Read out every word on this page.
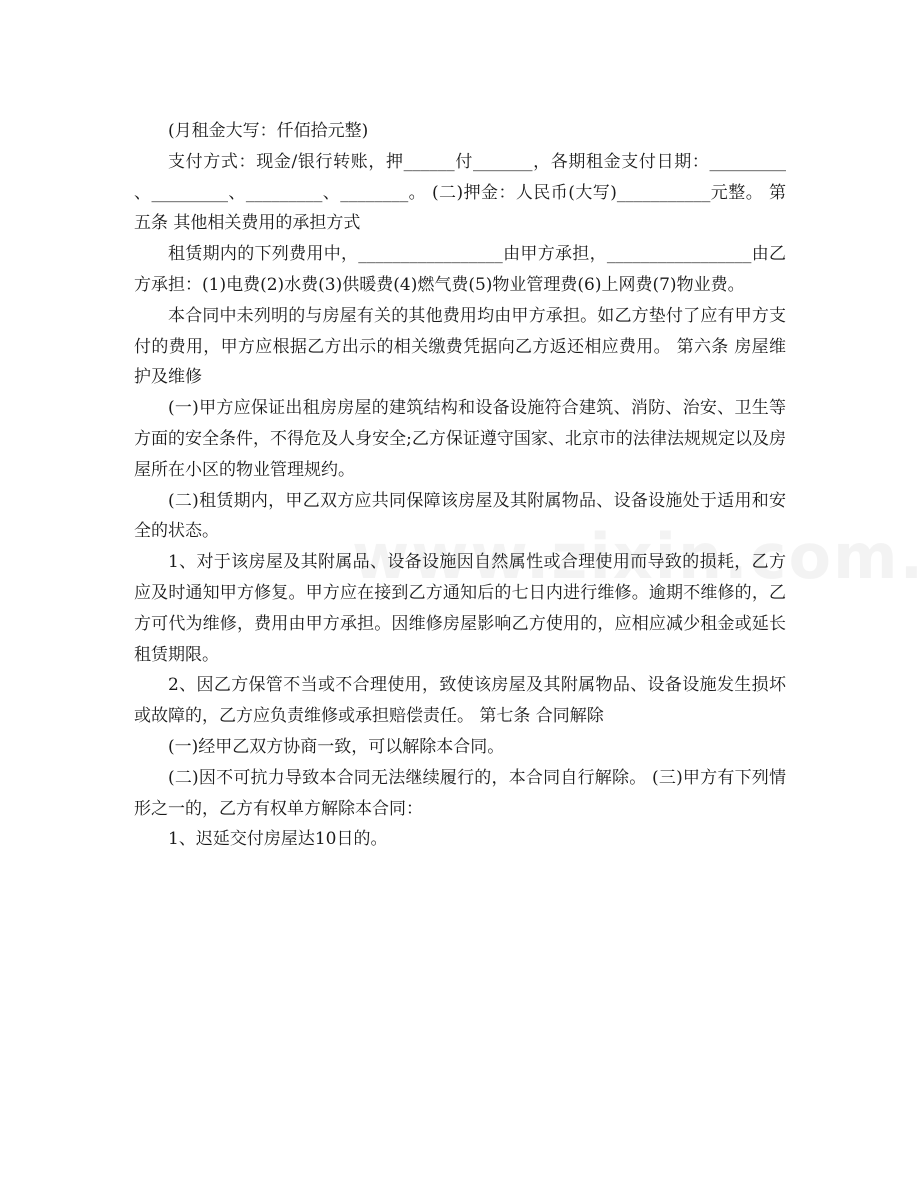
(月租金大写：仟佰拾元整)

支付方式：现金/银行转账，押______付_______，各期租金支付日期：_________ 、_________、_________、________。 (二)押金：人民币(大写)___________元整。 第五条 其他相关费用的承担方式

租赁期内的下列费用中，_________________由甲方承担，_________________由乙方承担：(1)电费(2)水费(3)供暖费(4)燃气费(5)物业管理费(6)上网费(7)物业费。

本合同中未列明的与房屋有关的其他费用均由甲方承担。如乙方垫付了应有甲方支付的费用，甲方应根据乙方出示的相关缴费凭据向乙方返还相应费用。 第六条 房屋维护及维修

(一)甲方应保证出租房房屋的建筑结构和设备设施符合建筑、消防、治安、卫生等方面的安全条件，不得危及人身安全;乙方保证遵守国家、北京市的法律法规规定以及房屋所在小区的物业管理规约。

(二)租赁期内，甲乙双方应共同保障该房屋及其附属物品、设备设施处于适用和安全的状态。

1、对于该房屋及其附属品、设备设施因自然属性或合理使用而导致的损耗，乙方应及时通知甲方修复。甲方应在接到乙方通知后的七日内进行维修。逾期不维修的，乙方可代为维修，费用由甲方承担。因维修房屋影响乙方使用的，应相应减少租金或延长租赁期限。

2、因乙方保管不当或不合理使用，致使该房屋及其附属物品、设备设施发生损坏或故障的，乙方应负责维修或承担赔偿责任。 第七条 合同解除

(一)经甲乙双方协商一致，可以解除本合同。

(二)因不可抗力导致本合同无法继续履行的，本合同自行解除。 (三)甲方有下列情形之一的，乙方有权单方解除本合同：

1、迟延交付房屋达10日的。
